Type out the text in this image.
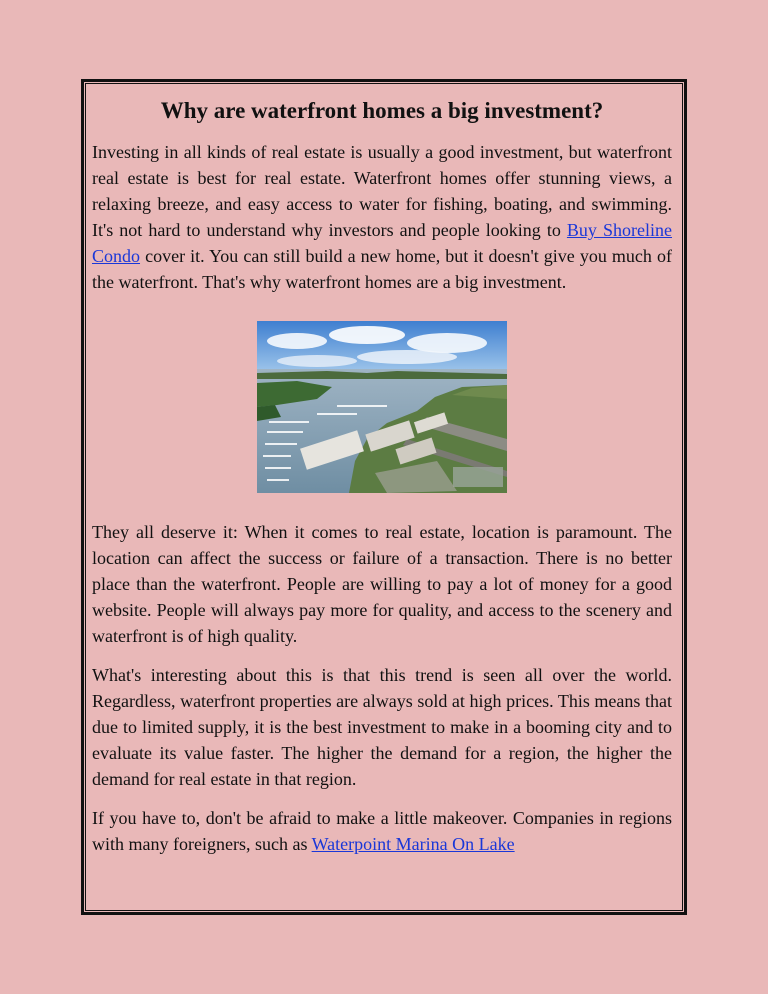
Why are waterfront homes a big investment?

Investing in all kinds of real estate is usually a good investment, but waterfront real estate is best for real estate. Waterfront homes offer stunning views, a relaxing breeze, and easy access to water for fishing, boating, and swimming. It's not hard to understand why investors and people looking to Buy Shoreline Condo cover it. You can still build a new home, but it doesn't give you much of the waterfront. That's why waterfront homes are a big investment.

They all deserve it: When it comes to real estate, location is paramount. The location can affect the success or failure of a transaction. There is no better place than the waterfront. People are willing to pay a lot of money for a good website. People will always pay more for quality, and access to the scenery and waterfront is of high quality.

What's interesting about this is that this trend is seen all over the world. Regardless, waterfront properties are always sold at high prices. This means that due to limited supply, it is the best investment to make in a booming city and to evaluate its value faster. The higher the demand for a region, the higher the demand for real estate in that region.

If you have to, don't be afraid to make a little makeover. Companies in regions with many foreigners, such as Waterpoint Marina On Lake
